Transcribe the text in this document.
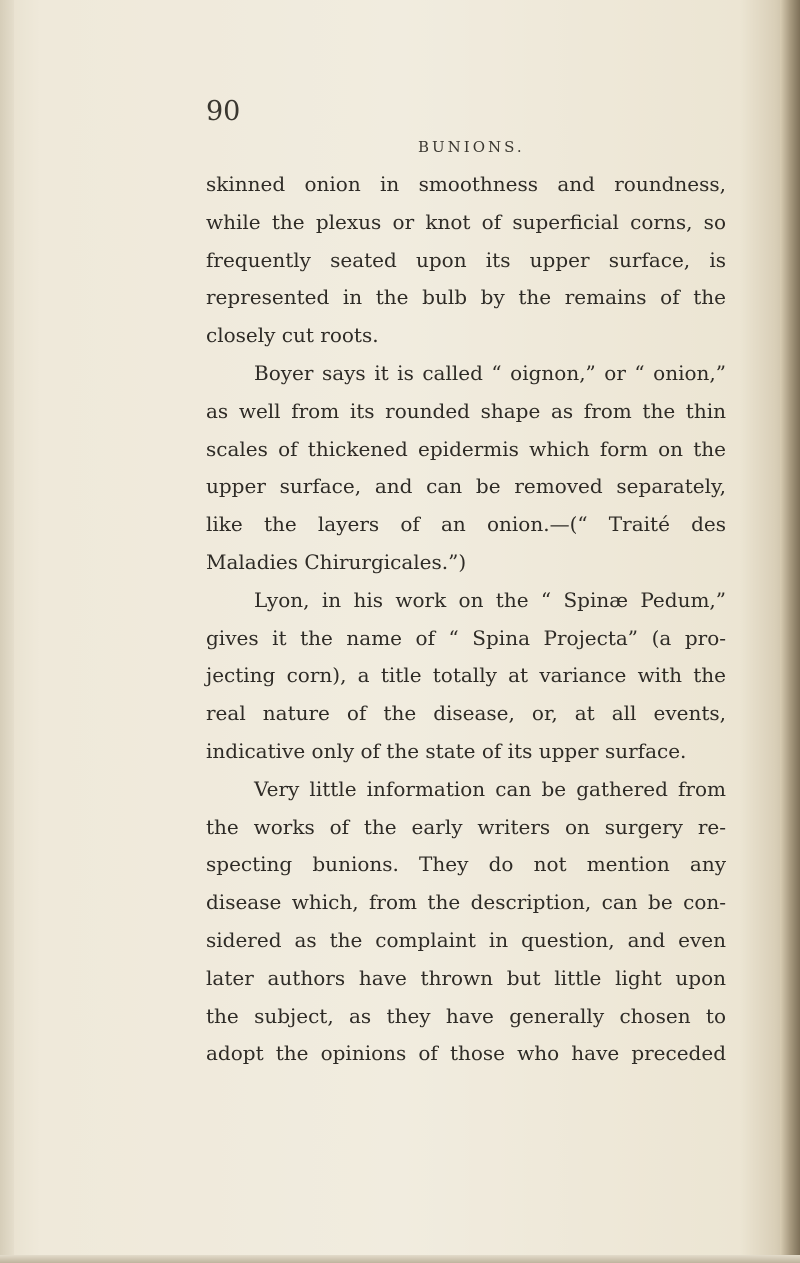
90
BUNIONS.
skinned onion in smoothness and roundness,
while the plexus or knot of superficial corns, so
frequently seated upon its upper surface, is
represented in the bulb by the remains of the
closely cut roots.
Boyer says it is called “ oignon,” or “ onion,”
as well from its rounded shape as from the thin
scales of thickened epidermis which form on the
upper surface, and can be removed separately,
like the layers of an onion.—(“ Traité des
Maladies Chirurgicales.”)
Lyon, in his work on the “ Spinæ Pedum,”
gives it the name of “ Spina Projecta” (a pro-
jecting corn), a title totally at variance with the
real nature of the disease, or, at all events,
indicative only of the state of its upper surface.
Very little information can be gathered from
the works of the early writers on surgery re-
specting bunions. They do not mention any
disease which, from the description, can be con-
sidered as the complaint in question, and even
later authors have thrown but little light upon
the subject, as they have generally chosen to
adopt the opinions of those who have preceded
